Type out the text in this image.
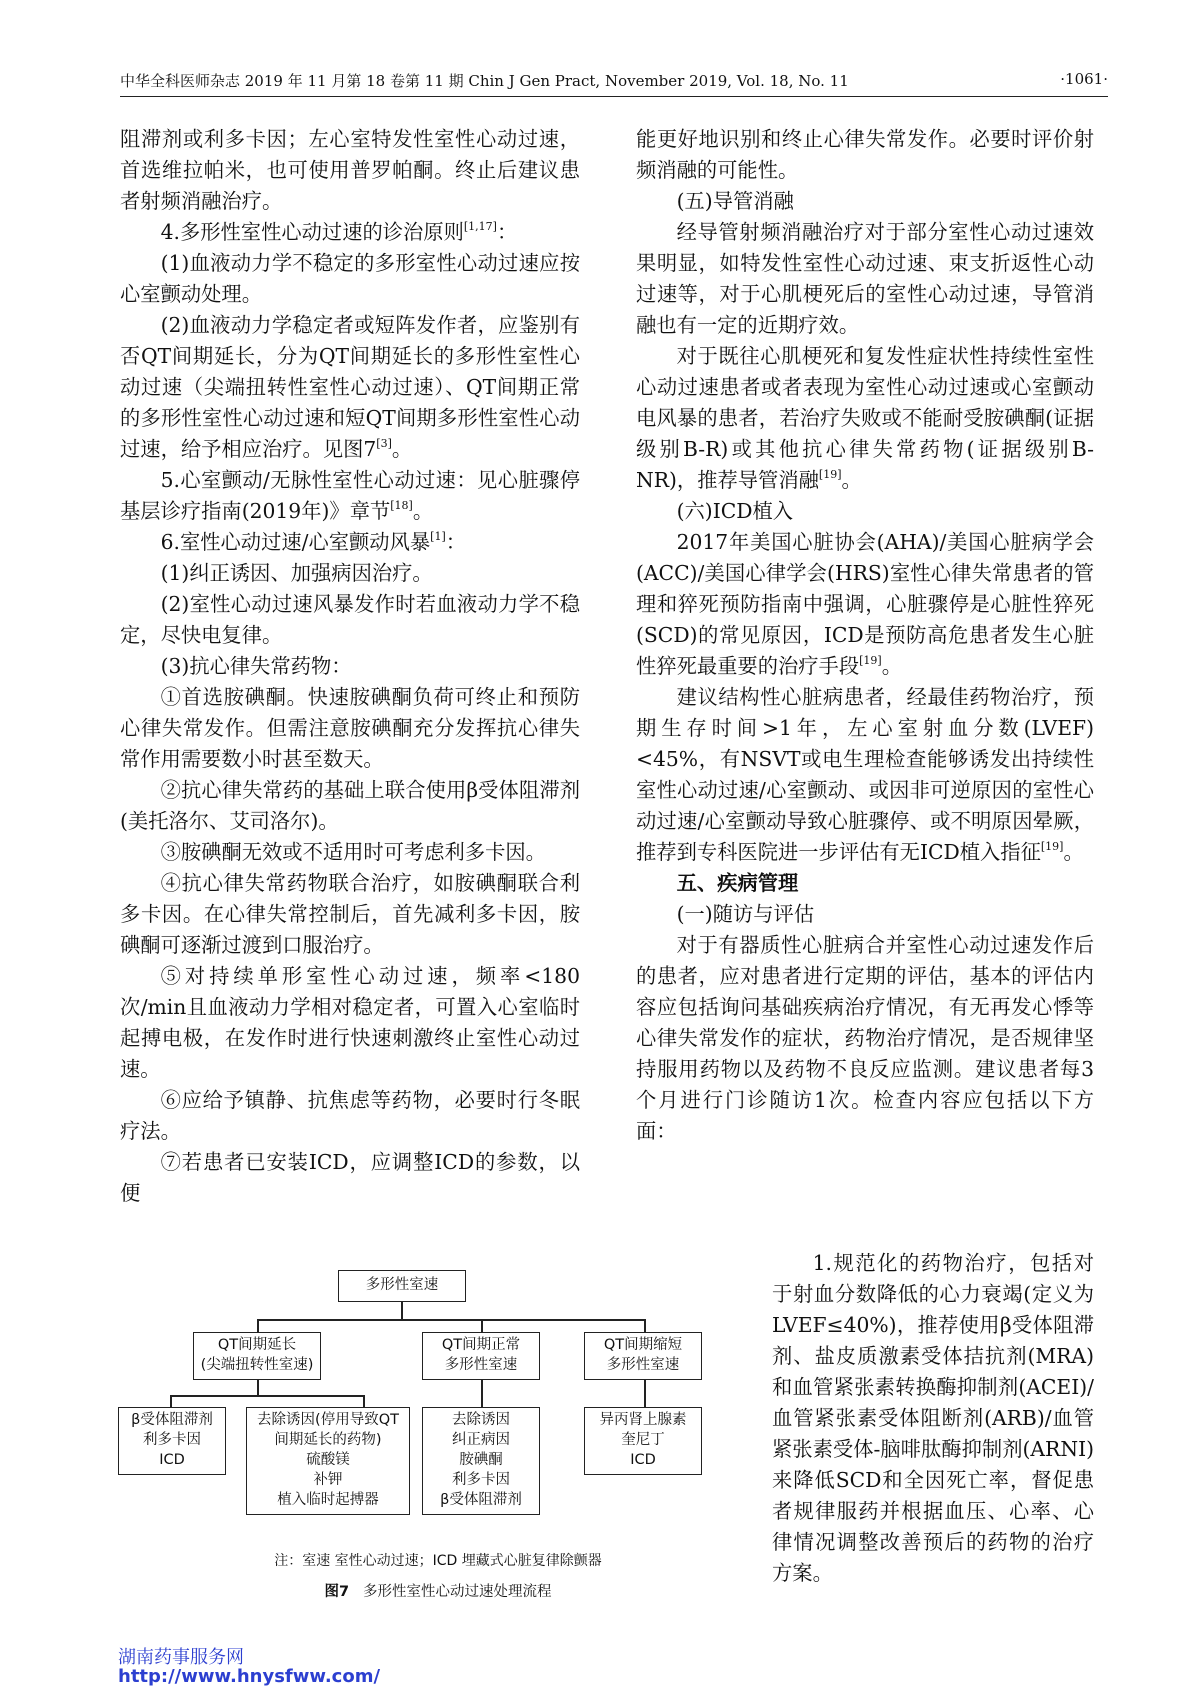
中华全科医师杂志 2019 年 11 月第 18 卷第 11 期 Chin J Gen Pract, November 2019, Vol. 18, No. 11	·1061·

阻滞剂或利多卡因；左心室特发性室性心动过速，首选维拉帕米，也可使用普罗帕酮。终止后建议患者射频消融治疗。

4.多形性室性心动过速的诊治原则[1,17]：

(1)血液动力学不稳定的多形室性心动过速应按心室颤动处理。

(2)血液动力学稳定者或短阵发作者，应鉴别有否QT间期延长，分为QT间期延长的多形性室性心动过速（尖端扭转性室性心动过速）、QT间期正常的多形性室性心动过速和短QT间期多形性室性心动过速，给予相应治疗。见图7[3]。

5.心室颤动/无脉性室性心动过速：见心脏骤停基层诊疗指南(2019年)》章节[18]。

6.室性心动过速/心室颤动风暴[1]：

(1)纠正诱因、加强病因治疗。

(2)室性心动过速风暴发作时若血液动力学不稳定，尽快电复律。

(3)抗心律失常药物：

①首选胺碘酮。快速胺碘酮负荷可终止和预防心律失常发作。但需注意胺碘酮充分发挥抗心律失常作用需要数小时甚至数天。

②抗心律失常药的基础上联合使用β受体阻滞剂(美托洛尔、艾司洛尔)。

③胺碘酮无效或不适用时可考虑利多卡因。

④抗心律失常药物联合治疗，如胺碘酮联合利多卡因。在心律失常控制后，首先减利多卡因，胺碘酮可逐渐过渡到口服治疗。

⑤对持续单形室性心动过速，频率<180次/min且血液动力学相对稳定者，可置入心室临时起搏电极，在发作时进行快速刺激终止室性心动过速。

⑥应给予镇静、抗焦虑等药物，必要时行冬眠疗法。

⑦若患者已安装ICD，应调整ICD的参数，以便

能更好地识别和终止心律失常发作。必要时评价射频消融的可能性。

(五)导管消融

经导管射频消融治疗对于部分室性心动过速效果明显，如特发性室性心动过速、束支折返性心动过速等，对于心肌梗死后的室性心动过速，导管消融也有一定的近期疗效。

对于既往心肌梗死和复发性症状性持续性室性心动过速患者或者表现为室性心动过速或心室颤动电风暴的患者，若治疗失败或不能耐受胺碘酮(证据级别B-R)或其他抗心律失常药物(证据级别B-NR)，推荐导管消融[19]。

(六)ICD植入

2017年美国心脏协会(AHA)/美国心脏病学会(ACC)/美国心律学会(HRS)室性心律失常患者的管理和猝死预防指南中强调，心脏骤停是心脏性猝死(SCD)的常见原因，ICD是预防高危患者发生心脏性猝死最重要的治疗手段[19]。

建议结构性心脏病患者，经最佳药物治疗，预期生存时间>1年，左心室射血分数(LVEF)<45%，有NSVT或电生理检查能够诱发出持续性室性心动过速/心室颤动、或因非可逆原因的室性心动过速/心室颤动导致心脏骤停、或不明原因晕厥，推荐到专科医院进一步评估有无ICD植入指征[19]。

五、疾病管理

(一)随访与评估

对于有器质性心脏病合并室性心动过速发作后的患者，应对患者进行定期的评估，基本的评估内容应包括询问基础疾病治疗情况，有无再发心悸等心律失常发作的症状，药物治疗情况，是否规律坚持服用药物以及药物不良反应监测。建议患者每3个月进行门诊随访1次。检查内容应包括以下方面：

1.规范化的药物治疗，包括对于射血分数降低的心力衰竭(定义为LVEF≤40%)，推荐使用β受体阻滞剂、盐皮质激素受体拮抗剂(MRA)和血管紧张素转换酶抑制剂(ACEI)/血管紧张素受体阻断剂(ARB)/血管紧张素受体-脑啡肽酶抑制剂(ARNI)来降低SCD和全因死亡率，督促患者规律服药并根据血压、心率、心律情况调整改善预后的药物的治疗方案。

多形性室速
QT间期延长
(尖端扭转性室速)
QT间期正常
多形性室速
QT间期缩短
多形性室速
β受体阻滞剂
利多卡因
ICD
去除诱因(停用导致QT
间期延长的药物)
硫酸镁
补钾
植入临时起搏器
去除诱因
纠正病因
胺碘酮
利多卡因
β受体阻滞剂
异丙肾上腺素
奎尼丁
ICD
注：室速 室性心动过速；ICD 埋藏式心脏复律除颤器
图7 多形性室性心动过速处理流程
湖南药事服务网
http://www.hnysfww.com/
